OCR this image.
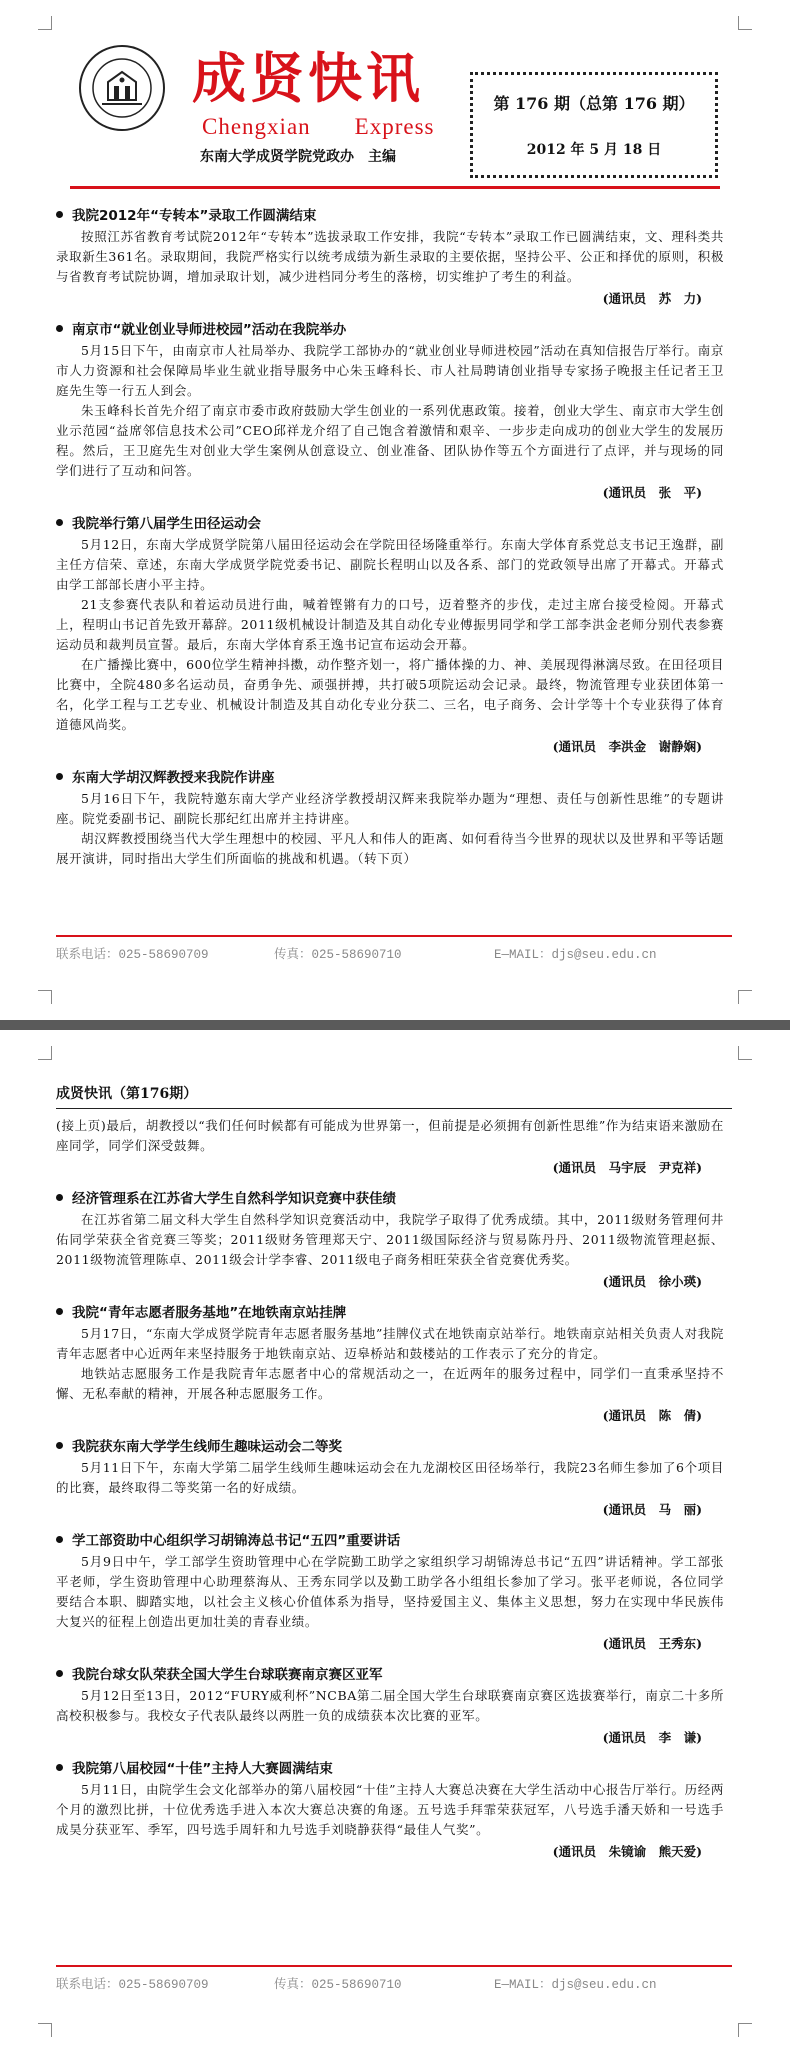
成贤快讯
Chengxian Express
东南大学成贤学院党政办　主编
第 176 期（总第 176 期）
2012 年 5 月 18 日
我院2012年“专转本”录取工作圆满结束

按照江苏省教育考试院2012年“专转本”选拔录取工作安排，我院“专转本”录取工作已圆满结束，文、理科类共录取新生361名。录取期间，我院严格实行以统考成绩为新生录取的主要依据，坚持公平、公正和择优的原则，积极与省教育考试院协调，增加录取计划，减少进档同分考生的落榜，切实维护了考生的利益。

(通讯员　苏　力)
南京市“就业创业导师进校园”活动在我院举办

5月15日下午，由南京市人社局举办、我院学工部协办的“就业创业导师进校园”活动在真知信报告厅举行。南京市人力资源和社会保障局毕业生就业指导服务中心朱玉峰科长、市人社局聘请创业指导专家扬子晚报主任记者王卫庭先生等一行五人到会。

朱玉峰科长首先介绍了南京市委市政府鼓励大学生创业的一系列优惠政策。接着，创业大学生、南京市大学生创业示范园“益席邻信息技术公司”CEO邱祥龙介绍了自己饱含着激情和艰辛、一步步走向成功的创业大学生的发展历程。然后，王卫庭先生对创业大学生案例从创意设立、创业准备、团队协作等五个方面进行了点评，并与现场的同学们进行了互动和问答。

(通讯员　张　平)
我院举行第八届学生田径运动会

5月12日，东南大学成贤学院第八届田径运动会在学院田径场隆重举行。东南大学体育系党总支书记王逸群，副主任方信荣、章述，东南大学成贤学院党委书记、副院长程明山以及各系、部门的党政领导出席了开幕式。开幕式由学工部部长唐小平主持。

21支参赛代表队和着运动员进行曲，喊着铿锵有力的口号，迈着整齐的步伐，走过主席台接受检阅。开幕式上，程明山书记首先致开幕辞。2011级机械设计制造及其自动化专业傅振男同学和学工部李洪金老师分别代表参赛运动员和裁判员宣誓。最后，东南大学体育系王逸书记宣布运动会开幕。

在广播操比赛中，600位学生精神抖擞，动作整齐划一，将广播体操的力、神、美展现得淋漓尽致。在田径项目比赛中，全院480多名运动员，奋勇争先、顽强拼搏，共打破5项院运动会记录。最终，物流管理专业获团体第一名，化学工程与工艺专业、机械设计制造及其自动化专业分获二、三名，电子商务、会计学等十个专业获得了体育道德风尚奖。

(通讯员　李洪金　谢静娴)
东南大学胡汉辉教授来我院作讲座

5月16日下午，我院特邀东南大学产业经济学教授胡汉辉来我院举办题为“理想、责任与创新性思维”的专题讲座。院党委副书记、副院长那纪红出席并主持讲座。

胡汉辉教授围绕当代大学生理想中的校园、平凡人和伟人的距离、如何看待当今世界的现状以及世界和平等话题展开演讲，同时指出大学生们所面临的挑战和机遇。（转下页）

联系电话：025-58690709	传真：025-58690710	E—MAIL：djs@seu.edu.cn
成贤快讯（第176期）

(接上页)最后，胡教授以“我们任何时候都有可能成为世界第一，但前提是必须拥有创新性思维”作为结束语来激励在座同学，同学们深受鼓舞。

(通讯员　马宇辰　尹克祥)
经济管理系在江苏省大学生自然科学知识竞赛中获佳绩

在江苏省第二届文科大学生自然科学知识竞赛活动中，我院学子取得了优秀成绩。其中，2011级财务管理何井佑同学荣获全省竞赛三等奖；2011级财务管理郑天宁、2011级国际经济与贸易陈丹丹、2011级物流管理赵振、2011级物流管理陈卓、2011级会计学李睿、2011级电子商务相旺荣获全省竞赛优秀奖。

(通讯员　徐小瑛)
我院“青年志愿者服务基地”在地铁南京站挂牌

5月17日，“东南大学成贤学院青年志愿者服务基地”挂牌仪式在地铁南京站举行。地铁南京站相关负责人对我院青年志愿者中心近两年来坚持服务于地铁南京站、迈皋桥站和鼓楼站的工作表示了充分的肯定。

地铁站志愿服务工作是我院青年志愿者中心的常规活动之一，在近两年的服务过程中，同学们一直秉承坚持不懈、无私奉献的精神，开展各种志愿服务工作。

(通讯员　陈　倩)
我院获东南大学学生线师生趣味运动会二等奖

5月11日下午，东南大学第二届学生线师生趣味运动会在九龙湖校区田径场举行，我院23名师生参加了6个项目的比赛，最终取得二等奖第一名的好成绩。

(通讯员　马　丽)
学工部资助中心组织学习胡锦涛总书记“五四”重要讲话

5月9日中午，学工部学生资助管理中心在学院勤工助学之家组织学习胡锦涛总书记“五四”讲话精神。学工部张平老师，学生资助管理中心助理蔡海从、王秀东同学以及勤工助学各小组组长参加了学习。张平老师说，各位同学要结合本职、脚踏实地，以社会主义核心价值体系为指导，坚持爱国主义、集体主义思想，努力在实现中华民族伟大复兴的征程上创造出更加壮美的青春业绩。

(通讯员　王秀东)
我院台球女队荣获全国大学生台球联赛南京赛区亚军

5月12日至13日，2012“FURY威利杯”NCBA第二届全国大学生台球联赛南京赛区选拔赛举行，南京二十多所高校积极参与。我校女子代表队最终以两胜一负的成绩获本次比赛的亚军。

(通讯员　李　谦)
我院第八届校园“十佳”主持人大赛圆满结束

5月11日，由院学生会文化部举办的第八届校园“十佳”主持人大赛总决赛在大学生活动中心报告厅举行。历经两个月的激烈比拼，十位优秀选手进入本次大赛总决赛的角逐。五号选手拜霏荣获冠军，八号选手潘天娇和一号选手成昊分获亚军、季军，四号选手周轩和九号选手刘晓静获得“最佳人气奖”。

(通讯员　朱镜谕　熊天爱)
联系电话：025-58690709	传真：025-58690710	E—MAIL：djs@seu.edu.cn
